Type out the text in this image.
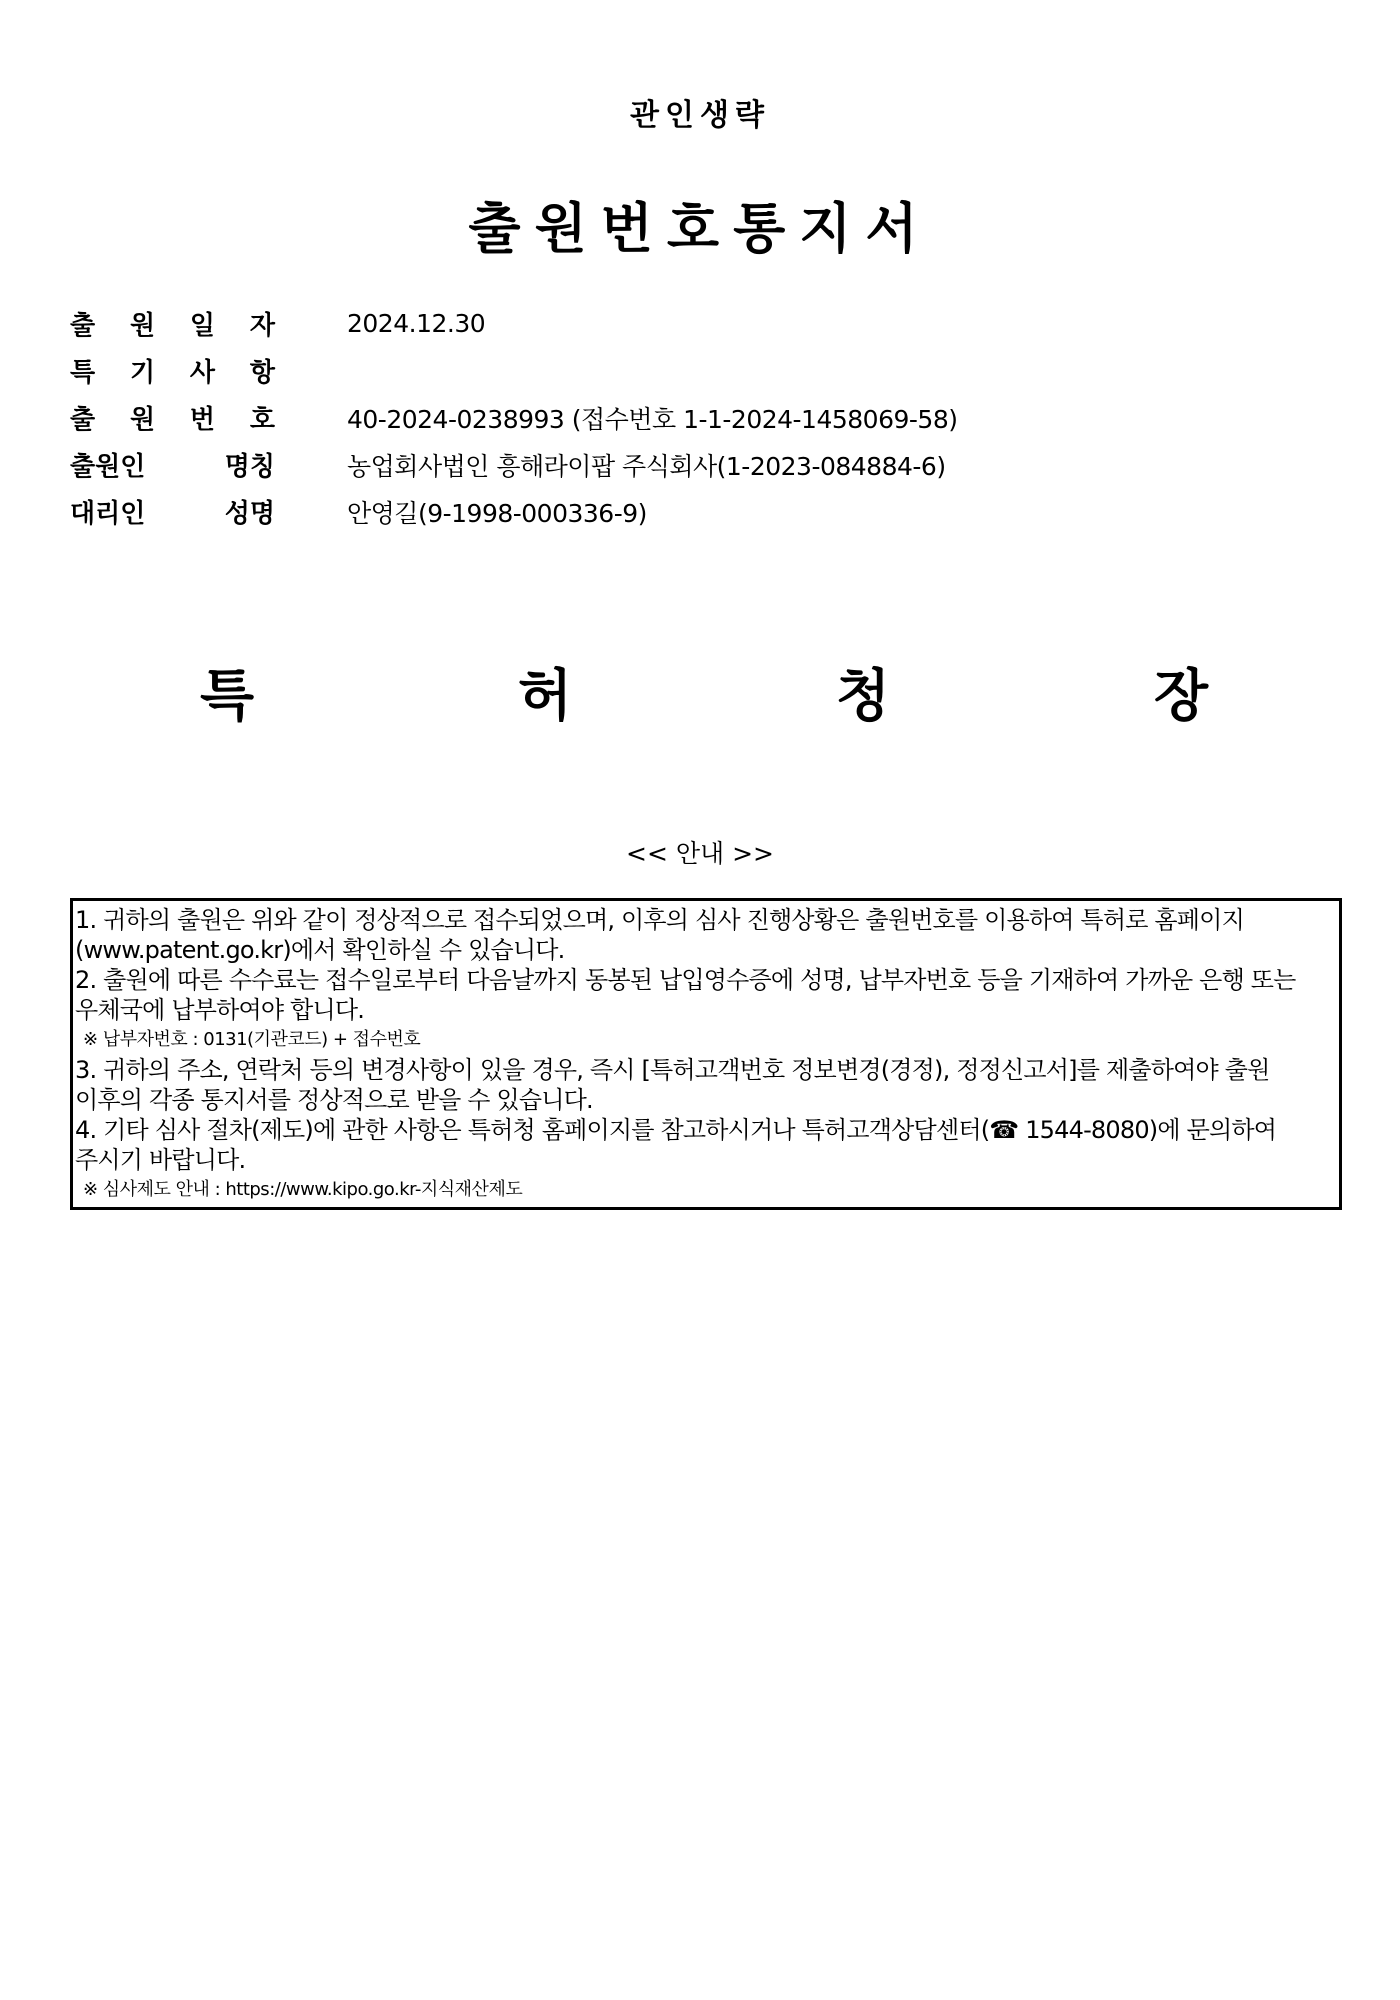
관인생략
출원번호통지서
출 원 일 자	2024.12.30
특 기 사 항
출 원 번 호	40-2024-0238993 (접수번호 1-1-2024-1458069-58)
출원인	명칭	농업회사법인 흥해라이팝 주식회사(1-2023-084884-6)
대리인	성명	안영길(9-1998-000336-9)
특	허	청	장
<< 안내 >>
1. 귀하의 출원은 위와 같이 정상적으로 접수되었으며, 이후의 심사 진행상황은 출원번호를 이용하여 특허로 홈페이지(www.patent.go.kr)에서 확인하실 수 있습니다.
2. 출원에 따른 수수료는 접수일로부터 다음날까지 동봉된 납입영수증에 성명, 납부자번호 등을 기재하여 가까운 은행 또는 우체국에 납부하여야 합니다.
※ 납부자번호 : 0131(기관코드) + 접수번호
3. 귀하의 주소, 연락처 등의 변경사항이 있을 경우, 즉시 [특허고객번호 정보변경(경정), 정정신고서]를 제출하여야 출원 이후의 각종 통지서를 정상적으로 받을 수 있습니다.
4. 기타 심사 절차(제도)에 관한 사항은 특허청 홈페이지를 참고하시거나 특허고객상담센터(☎ 1544-8080)에 문의하여 주시기 바랍니다.
※ 심사제도 안내 : https://www.kipo.go.kr-지식재산제도
